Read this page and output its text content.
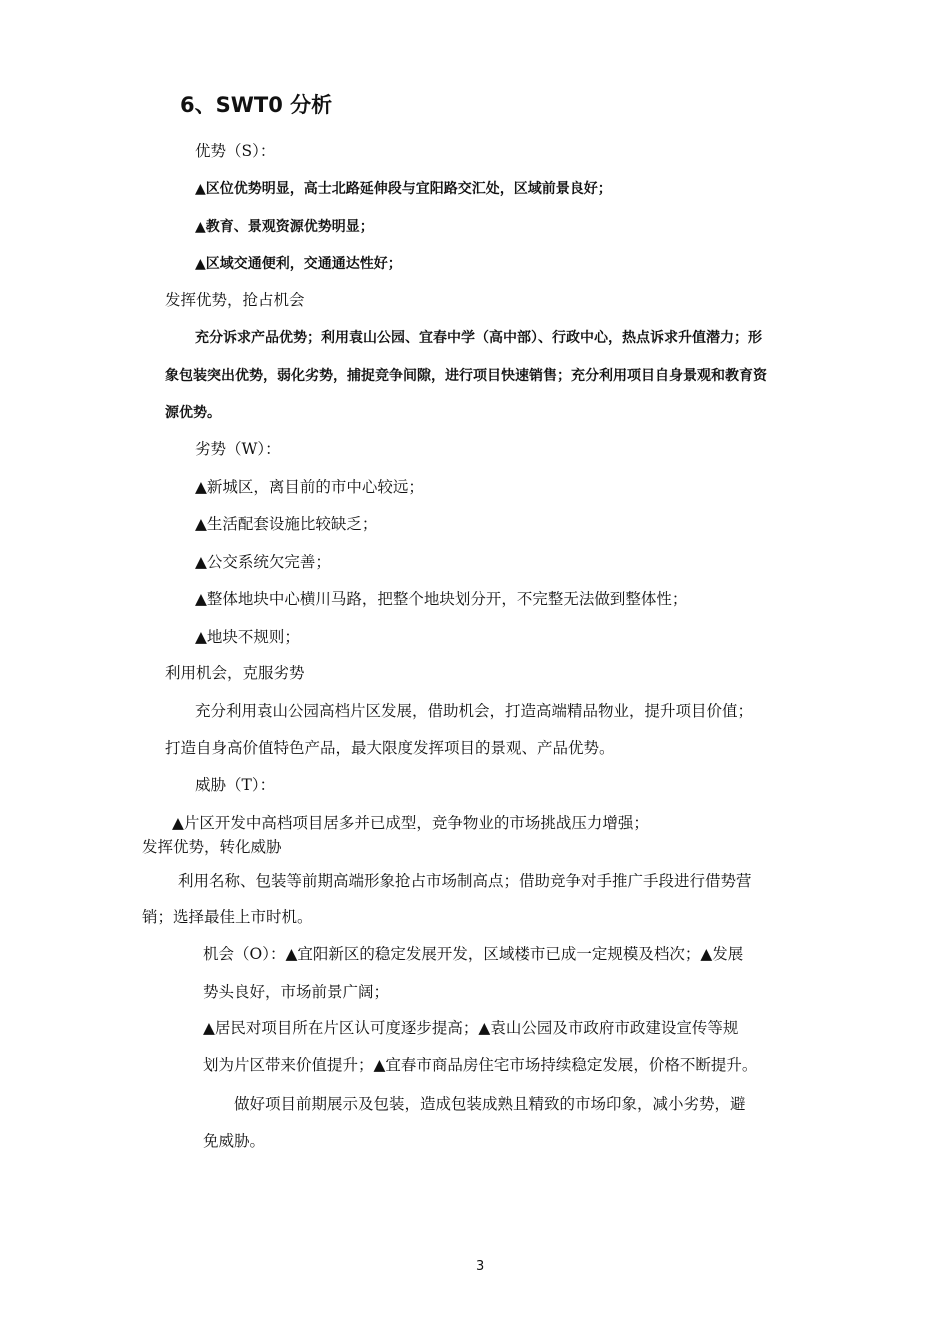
6、SWT0 分析
优势（S）：
▲区位优势明显，高士北路延伸段与宜阳路交汇处，区域前景良好；
▲教育、景观资源优势明显；
▲区域交通便利，交通通达性好；
发挥优势，抢占机会
充分诉求产品优势；利用袁山公园、宜春中学（高中部）、行政中心，热点诉求升值潜力；形
象包装突出优势，弱化劣势，捕捉竞争间隙，进行项目快速销售；充分利用项目自身景观和教育资
源优势。
劣势（W）：
▲新城区，离目前的市中心较远；
▲生活配套设施比较缺乏；
▲公交系统欠完善；
▲整体地块中心横川马路，把整个地块划分开，不完整无法做到整体性；
▲地块不规则；
利用机会，克服劣势
充分利用袁山公园高档片区发展，借助机会，打造高端精品物业，提升项目价值；
打造自身高价值特色产品，最大限度发挥项目的景观、产品优势。
威胁（T）：
▲片区开发中高档项目居多并已成型，竞争物业的市场挑战压力增强；
发挥优势，转化威胁
利用名称、包装等前期高端形象抢占市场制高点；借助竞争对手推广手段进行借势营
销；选择最佳上市时机。
机会（O）：▲宜阳新区的稳定发展开发，区域楼市已成一定规模及档次；▲发展
势头良好，市场前景广阔；
▲居民对项目所在片区认可度逐步提高；▲袁山公园及市政府市政建设宣传等规
划为片区带来价值提升；▲宜春市商品房住宅市场持续稳定发展，价格不断提升。
做好项目前期展示及包装，造成包装成熟且精致的市场印象，减小劣势，避
免威胁。
3
